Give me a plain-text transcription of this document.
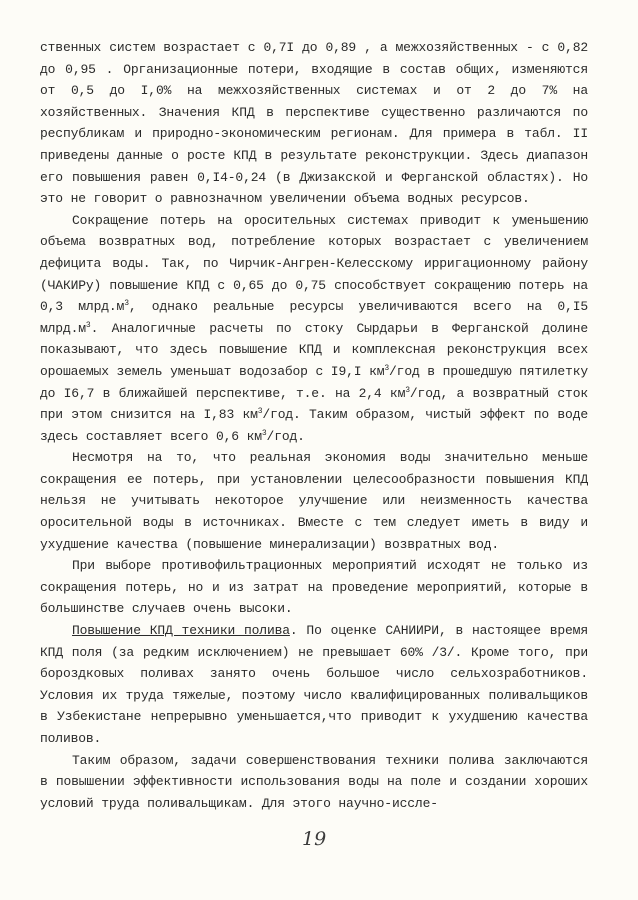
ственных систем возрастает с 0,7I до 0,89 , а межхозяйственных - с 0,82 до 0,95 . Организационные потери, входящие в состав общих, изменяются от 0,5 до I,0% на межхозяйственных системах и от 2 до 7% на хозяйственных. Значения КПД в перспективе существенно различаются по республикам и природно-экономическим регионам. Для примера в табл. II приведены данные о росте КПД в результате реконструкции. Здесь диапазон его повышения равен 0,I4-0,24 (в Джизакской и Ферганской областях). Но это не говорит о равнозначном увеличении объема водных ресурсов.

Сокращение потерь на оросительных системах приводит к уменьшению объема возвратных вод, потребление которых возрастает с увеличением дефицита воды. Так, по Чирчик-Ангрен-Келесскому ирригационному району (ЧАКИРу) повышение КПД с 0,65 до 0,75 способствует сокращению потерь на 0,3 $млрд.м^3$, однако реальные ресурсы увеличиваются всего на 0,I5 $млрд.м^3$. Аналогичные расчеты по стоку Сырдарьи в Ферганской долине показывают, что здесь повышение КПД и комплексная реконструкция всех орошаемых земель уменьшат водозабор с I9,I $км^3$/год в прошедшую пятилетку до I6,7 в ближайшей перспективе, т.е. на 2,4 $км^3$/год, а возвратный сток при этом снизится на I,83 $км^3$/год. Таким образом, чистый эффект по воде здесь составляет всего 0,6 $км^3$/год.

Несмотря на то, что реальная экономия воды значительно меньше сокращения ее потерь, при установлении целесообразности повышения КПД нельзя не учитывать некоторое улучшение или неизменность качества оросительной воды в источниках. Вместе с тем следует иметь в виду и ухудшение качества (повышение минерализации) возвратных вод.

При выборе противофильтрационных мероприятий исходят не только из сокращения потерь, но и из затрат на проведение мероприятий, которые в большинстве случаев очень высоки.

Повышение КПД техники полива. По оценке САНИИРИ, в настоящее время КПД поля (за редким исключением) не превышает 60% /3/. Кроме того, при бороздковых поливах занято очень большое число сельхозработников. Условия их труда тяжелые, поэтому число квалифицированных поливальщиков в Узбекистане непрерывно уменьшается,что приводит к ухудшению качества поливов.

Таким образом, задачи совершенствования техники полива заключаются в повышении эффективности использования воды на поле и создании хороших условий труда поливальщикам. Для этого научно-иссле-

19
